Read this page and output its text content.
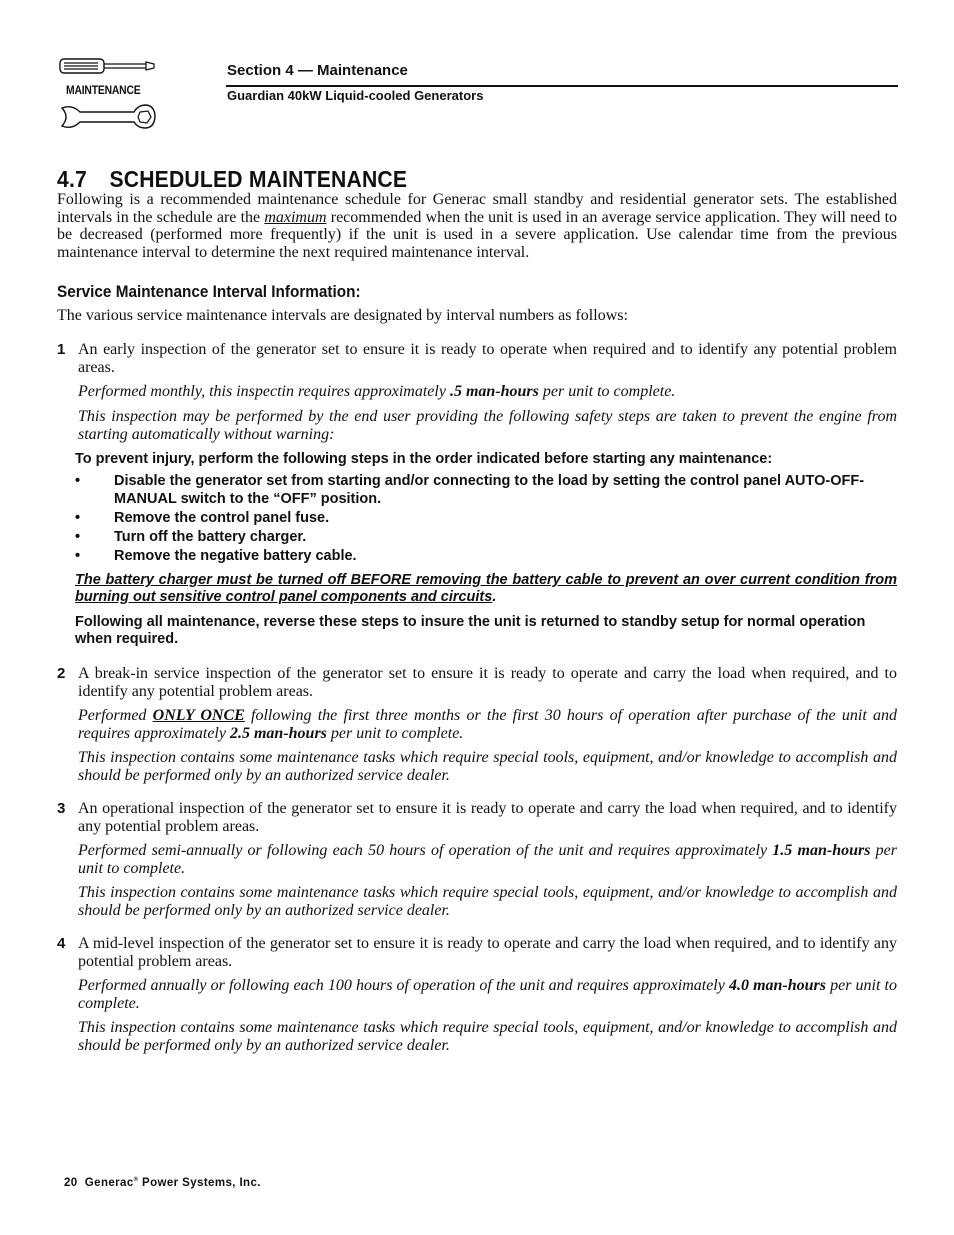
MAINTENANCE
Section 4 — Maintenance
Guardian 40kW Liquid-cooled Generators
4.7 SCHEDULED MAINTENANCE
Following is a recommended maintenance schedule for Generac small standby and residential generator sets. The established intervals in the schedule are the maximum recommended when the unit is used in an average service application. They will need to be decreased (performed more frequently) if the unit is used in a severe application. Use calendar time from the previous maintenance interval to determine the next required maintenance interval.
Service Maintenance Interval Information:
The various service maintenance intervals are designated by interval numbers as follows:
1 An early inspection of the generator set to ensure it is ready to operate when required and to identify any potential problem areas.
Performed monthly, this inspectin requires approximately .5 man-hours per unit to complete.
This inspection may be performed by the end user providing the following safety steps are taken to prevent the engine from starting automatically without warning:
To prevent injury, perform the following steps in the order indicated before starting any maintenance:
• Disable the generator set from starting and/or connecting to the load by setting the control panel AUTO-OFF-MANUAL switch to the “OFF” position.
• Remove the control panel fuse.
• Turn off the battery charger.
• Remove the negative battery cable.
The battery charger must be turned off BEFORE removing the battery cable to prevent an over current condition from burning out sensitive control panel components and circuits.
Following all maintenance, reverse these steps to insure the unit is returned to standby setup for normal operation when required.
2 A break-in service inspection of the generator set to ensure it is ready to operate and carry the load when required, and to identify any potential problem areas.
Performed ONLY ONCE following the first three months or the first 30 hours of operation after purchase of the unit and requires approximately 2.5 man-hours per unit to complete.
This inspection contains some maintenance tasks which require special tools, equipment, and/or knowledge to accomplish and should be performed only by an authorized service dealer.
3 An operational inspection of the generator set to ensure it is ready to operate and carry the load when required, and to identify any potential problem areas.
Performed semi-annually or following each 50 hours of operation of the unit and requires approximately 1.5 man-hours per unit to complete.
This inspection contains some maintenance tasks which require special tools, equipment, and/or knowledge to accomplish and should be performed only by an authorized service dealer.
4 A mid-level inspection of the generator set to ensure it is ready to operate and carry the load when required, and to identify any potential problem areas.
Performed annually or following each 100 hours of operation of the unit and requires approximately 4.0 man-hours per unit to complete.
This inspection contains some maintenance tasks which require special tools, equipment, and/or knowledge to accomplish and should be performed only by an authorized service dealer.
20 Generac® Power Systems, Inc.
